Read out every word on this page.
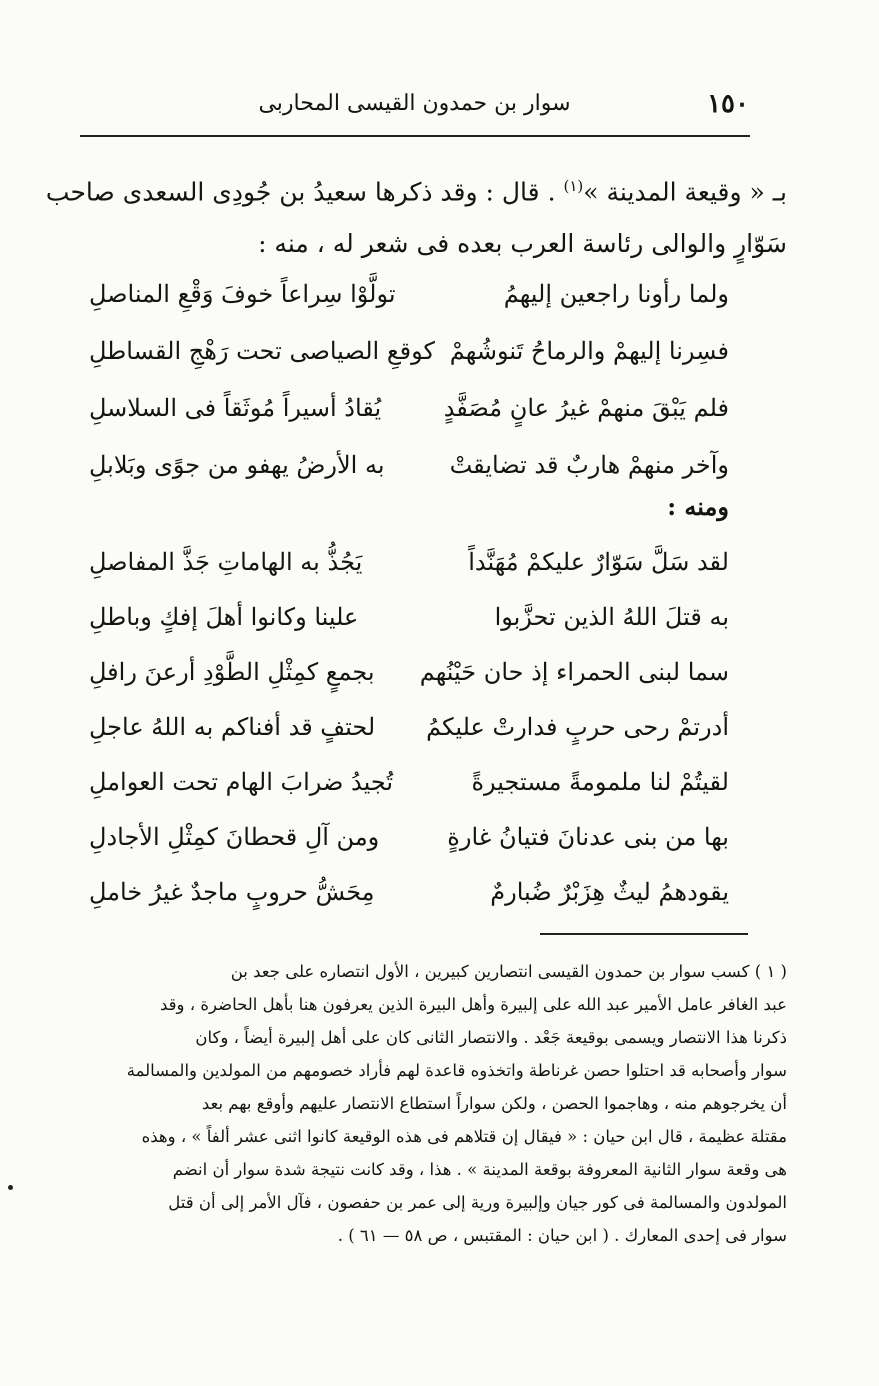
١٥٠
سوار بن حمدون القيسى المحاربى
بـ « وقيعة المدينة »$^{(١)}$ . قال : وقد ذكرها سعيدُ بن جُودِى السعدى صاحب
سَوّارٍ والوالى رئاسة العرب بعده فى شعر له ، منه :
ولما رأونا راجعين إليهمُ
تولَّوْا سِراعاً خوفَ وَقْعِ المناصلِ
فسِرنا إليهمْ والرماحُ تَنوشُهمْ
كوقعِ الصياصى تحت رَهْجِ القساطلِ
فلم يَبْقَ منهمْ غيرُ عانٍ مُصَفَّدٍ
يُقادُ أسيراً مُوثَقاً فى السلاسلِ
وآخر منهمْ هاربٌ قد تضايقتْ
به الأرضُ يهفو من جوًى وبَلابلِ
ومنه :
لقد سَلَّ سَوّارٌ عليكمْ مُهَنَّداً
يَجُذُّ به الهاماتِ جَذَّ المفاصلِ
به قتلَ اللهُ الذين تحزَّبوا
علينا وكانوا أهلَ إفكٍ وباطلِ
سما لبنى الحمراء إذ حان حَيْنُهم
بجمعٍ كمِثْلِ الطَّوْدِ أرعنَ رافلِ
أدرتمْ رحى حربٍ فدارتْ عليكمُ
لحتفٍ قد أفناكم به اللهُ عاجلِ
لقيتُمْ لنا ملمومةً مستجيرةً
تُجيدُ ضرابَ الهام تحت العواملِ
بها من بنى عدنانَ فتيانُ غارةٍ
ومن آلِ قحطانَ كمِثْلِ الأجادلِ
يقودهمُ ليثٌ هِزَبْرٌ ضُبارمٌ
مِحَشُّ حروبٍ ماجدٌ غيرُ خاملِ
( ١ ) كسب سوار بن حمدون القيسى انتصارين كبيرين ، الأول انتصاره على جعد بن
عبد الغافر عامل الأمير عبد الله على إلبيرة وأهل البيرة الذين يعرفون هنا بأهل الحاضرة ، وقد
ذكرنا هذا الانتصار ويسمى بوقيعة جَعْد . والانتصار الثانى كان على أهل إلبيرة أيضاً ، وكان
سوار وأصحابه قد احتلوا حصن غرناطة واتخذوه قاعدة لهم فأراد خصومهم من المولدين والمسالمة
أن يخرجوهم منه ، وهاجموا الحصن ، ولكن سواراً استطاع الانتصار عليهم وأوقع بهم بعد
مقتلة عظيمة ، قال ابن حيان : « فيقال إن قتلاهم فى هذه الوقيعة كانوا اثنى عشر ألفاً » ، وهذه
هى وقعة سوار الثانية المعروفة بوقعة المدينة » . هذا ، وقد كانت نتيجة شدة سوار أن انضم
المولدون والمسالمة فى كور جيان وإلبيرة ورية إلى عمر بن حفصون ، فآل الأمر إلى أن قتل
سوار فى إحدى المعارك . ( ابن حيان : المقتبس ، ص ٥٨ — ٦١ ) .
